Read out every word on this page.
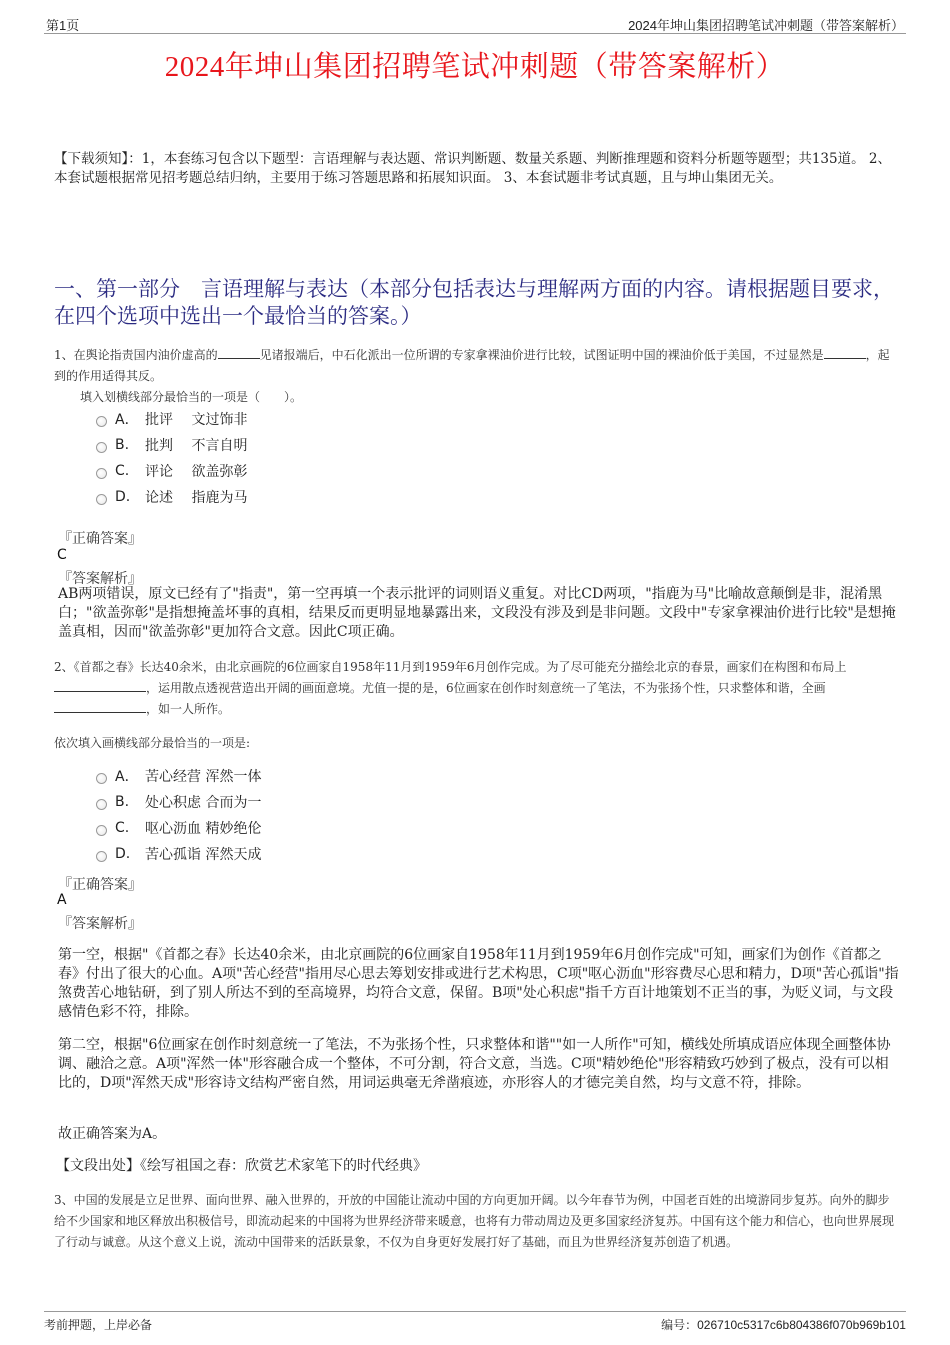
第1页	2024年坤山集团招聘笔试冲刺题（带答案解析）
2024年坤山集团招聘笔试冲刺题（带答案解析）
【下载须知】：1，本套练习包含以下题型：言语理解与表达题、常识判断题、数量关系题、判断推理题和资料分析题等题型；共135道。 2、本套试题根据常见招考题总结归纳，主要用于练习答题思路和拓展知识面。 3、本套试题非考试真题，且与坤山集团无关。
一、第一部分　言语理解与表达（本部分包括表达与理解两方面的内容。请根据题目要求，在四个选项中选出一个最恰当的答案。）
1、在舆论指责国内油价虚高的	见诸报端后，中石化派出一位所谓的专家拿裸油价进行比较，试图证明中国的裸油价低于美国，不过显然是	，起到的作用适得其反。
填入划横线部分最恰当的一项是（　　）。
A． 批评　 文过饰非
B.	批判　 不言自明
C.	评论　 欲盖弥彰
D.	论述　 指鹿为马
『正确答案』
C
『答案解析』
AB两项错误，原文已经有了"指责"，第一空再填一个表示批评的词则语义重复。对比CD两项，"指鹿为马"比喻故意颠倒是非，混淆黑白；"欲盖弥彰"是指想掩盖坏事的真相，结果反而更明显地暴露出来，文段没有涉及到是非问题。文段中"专家拿裸油价进行比较"是想掩盖真相，因而"欲盖弥彰"更加符合文意。因此C项正确。
2、《首都之春》长达40余米，由北京画院的6位画家自1958年11月到1959年6月创作完成。为了尽可能充分描绘北京的春景，画家们在构图和布局上 ，运用散点透视营造出开阔的画面意境。尤值一提的是，6位画家在创作时刻意统一了笔法，不为张扬个性，只求整体和谐，全画 ，如一人所作。
依次填入画横线部分最恰当的一项是:
A． 苦心经营 浑然一体
B.	处心积虑 合而为一
C.	呕心沥血 精妙绝伦
D.	苦心孤诣 浑然天成
『正确答案』
A
『答案解析』
第一空，根据"《首都之春》长达40余米，由北京画院的6位画家自1958年11月到1959年6月创作完成"可知，画家们为创作《首都之春》付出了很大的心血。A项"苦心经营"指用尽心思去筹划安排或进行艺术构思，C项"呕心沥血"形容费尽心思和精力，D项"苦心孤诣"指煞费苦心地钻研，到了别人所达不到的至高境界，均符合文意，保留。B项"处心积虑"指千方百计地策划不正当的事，为贬义词，与文段感情色彩不符，排除。
第二空，根据"6位画家在创作时刻意统一了笔法，不为张扬个性，只求整体和谐""如一人所作"可知，横线处所填成语应体现全画整体协调、融洽之意。A项"浑然一体"形容融合成一个整体，不可分割，符合文意，当选。C项"精妙绝伦"形容精致巧妙到了极点，没有可以相比的，D项"浑然天成"形容诗文结构严密自然，用词运典毫无斧凿痕迹，亦形容人的才德完美自然，均与文意不符，排除。
故正确答案为A。
【文段出处】《绘写祖国之春：欣赏艺术家笔下的时代经典》
3、中国的发展是立足世界、面向世界、融入世界的，开放的中国能让流动中国的方向更加开阔。以今年春节为例，中国老百姓的出境游同步复苏。向外的脚步给不少国家和地区释放出积极信号，即流动起来的中国将为世界经济带来暖意，也将有力带动周边及更多国家经济复苏。中国有这个能力和信心，也向世界展现了行动与诚意。从这个意义上说，流动中国带来的活跃景象，不仅为自身更好发展打好了基础，而且为世界经济复苏创造了机遇。
考前押题，上岸必备	编号：026710c5317c6b804386f070b969b101
